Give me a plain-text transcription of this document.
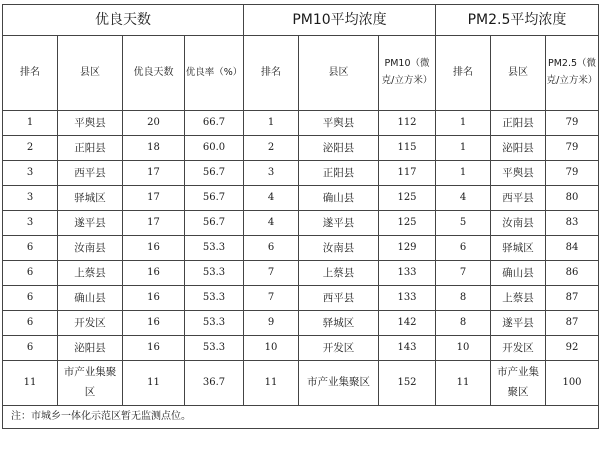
优良天数				PM10平均浓度			PM2.5平均浓度		
排名	县区	优良天数	优良率（%）	排名	县区	PM10（微克/立方米）	排名	县区	PM2.5（微克/立方米）
1	平舆县	20	66.7	1	平舆县	112	1	正阳县	79
2	正阳县	18	60.0	2	泌阳县	115	1	泌阳县	79
3	西平县	17	56.7	3	正阳县	117	1	平舆县	79
3	驿城区	17	56.7	4	确山县	125	4	西平县	80
3	遂平县	17	56.7	4	遂平县	125	5	汝南县	83
6	汝南县	16	53.3	6	汝南县	129	6	驿城区	84
6	上蔡县	16	53.3	7	上蔡县	133	7	确山县	86
6	确山县	16	53.3	7	西平县	133	8	上蔡县	87
6	开发区	16	53.3	9	驿城区	142	8	遂平县	87
6	泌阳县	16	53.3	10	开发区	143	10	开发区	92
11	市产业集聚区	11	36.7	11	市产业集聚区	152	11	市产业集聚区	100
注：市城乡一体化示范区暂无监测点位。									
